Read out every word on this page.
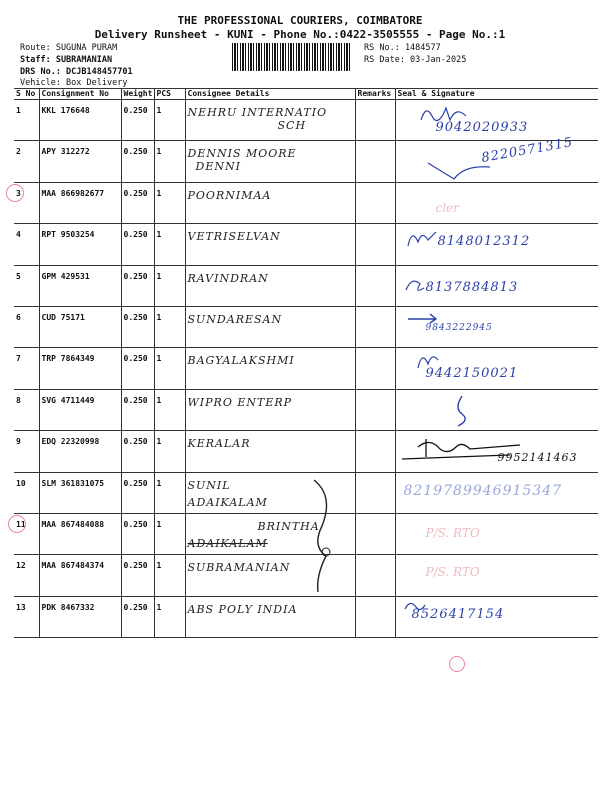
THE PROFESSIONAL COURIERS, COIMBATORE
Delivery Runsheet - KUNI - Phone No.:0422-3505555 - Page No.:1
Route: SUGUNA PURAM
Staff: SUBRAMANIAN
DRS No.: DCJB148457701
Vehicle: Box Delivery
RS No.: 1484577
RS Date: 03-Jan-2025
S No	Consignment No	Weight	PCS	Consignee Details	Remarks	Seal & Signature
1	KKL 176648	0.250	1	NEHRU INTERNATIO
SCH		9042020933

2	APY 312272	0.250	1	DENNIS MOORE
DENNI		8220571315

3	MAA 866982677	0.250	1	POORNIMAA		cler

4	RPT 9503254	0.250	1	VETRISELVAN		8148012312

5	GPM 429531	0.250	1	RAVINDRAN		8137884813

6	CUD 75171	0.250	1	SUNDARESAN		9843222945

7	TRP 7864349	0.250	1	BAGYALAKSHMI		9442150021

8	SVG 4711449	0.250	1	WIPRO ENTERP

9	EDQ 22320998	0.250	1	KERALAR		9952141463

10	SLM 361831075	0.250	1	SUNIL
ADAIKALAM		8219789946915347

11	MAA 867484088	0.250	1	BRINTHA
ADAIKALAM		P/S. RTO

12	MAA 867484374	0.250	1	SUBRAMANIAN		P/S. RTO

13	PDK 8467332	0.250	1	ABS POLY INDIA		8526417154
